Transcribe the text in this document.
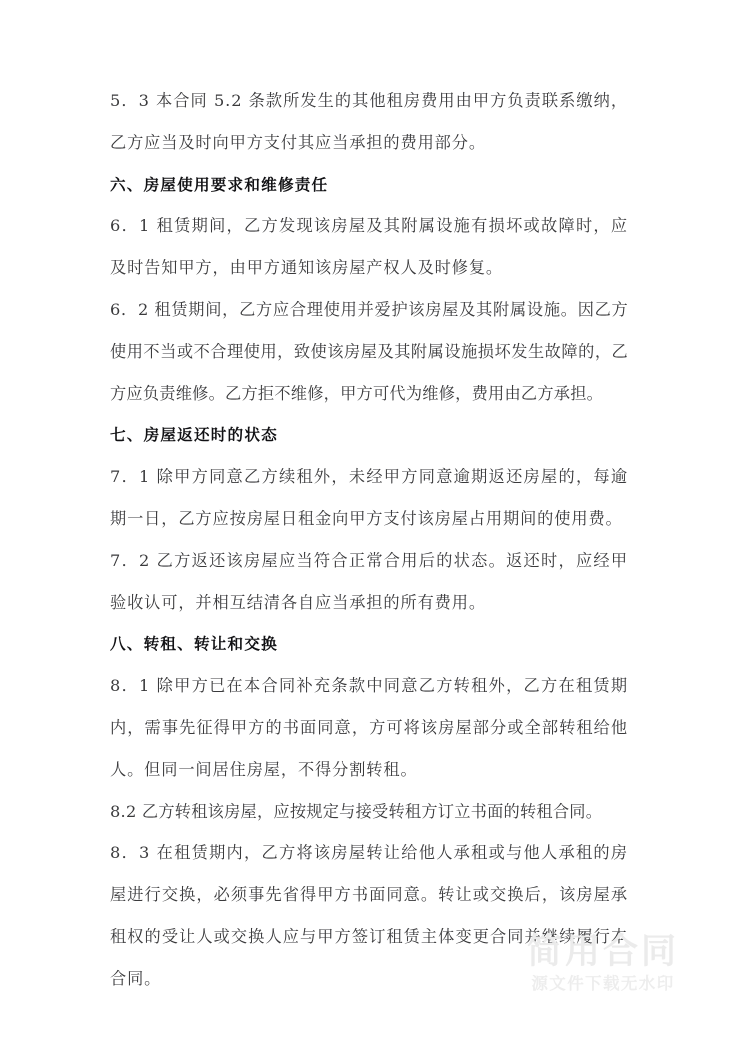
5．3 本合同 5.2 条款所发生的其他租房费用由甲方负责联系缴纳，乙方应当及时向甲方支付其应当承担的费用部分。

六、房屋使用要求和维修责任

6．1 租赁期间，乙方发现该房屋及其附属设施有损坏或故障时，应及时告知甲方，由甲方通知该房屋产权人及时修复。

6．2 租赁期间，乙方应合理使用并爱护该房屋及其附属设施。因乙方使用不当或不合理使用，致使该房屋及其附属设施损坏发生故障的，乙方应负责维修。乙方拒不维修，甲方可代为维修，费用由乙方承担。

七、房屋返还时的状态

7．1 除甲方同意乙方续租外，未经甲方同意逾期返还房屋的，每逾期一日，乙方应按房屋日租金向甲方支付该房屋占用期间的使用费。

7．2 乙方返还该房屋应当符合正常合用后的状态。返还时，应经甲验收认可，并相互结清各自应当承担的所有费用。

八、转租、转让和交换

8．1 除甲方已在本合同补充条款中同意乙方转租外，乙方在租赁期内，需事先征得甲方的书面同意，方可将该房屋部分或全部转租给他人。但同一间居住房屋，不得分割转租。

8.2 乙方转租该房屋，应按规定与接受转租方订立书面的转租合同。

8．3 在租赁期内，乙方将该房屋转让给他人承租或与他人承租的房屋进行交换，必须事先省得甲方书面同意。转让或交换后，该房屋承租权的受让人或交换人应与甲方签订租赁主体变更合同并继续履行本合同。

简用合同
源文件下载无水印
